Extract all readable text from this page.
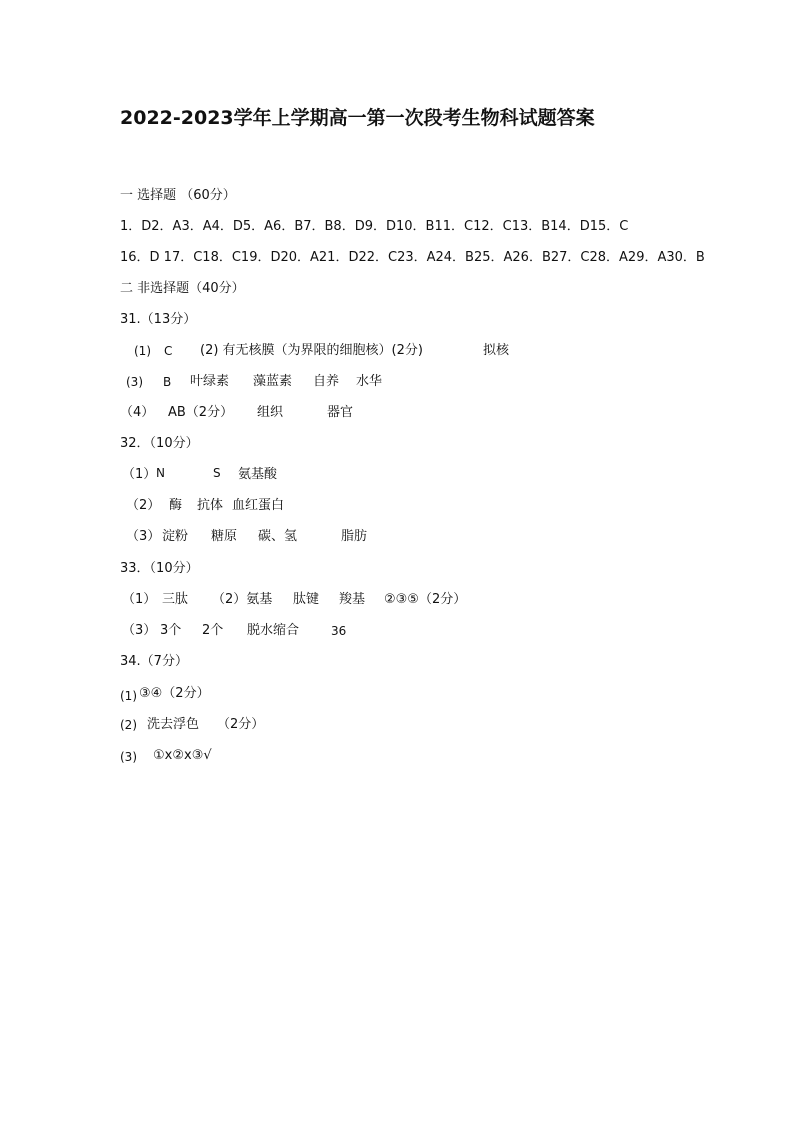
2022-2023学年上学期高一第一次段考生物科试题答案
一 选择题 （60分）
1．D2．A3．A4．D5．A6．B7．B8．D9．D10．B11．C12．C13．B14．D15．C
16．D 17．C18．C19．D20．A21．D22．C23．A24．B25．A26．B27．C28．A29．A30．B
二 非选择题（40分）
31.（13分）
(1) C (2) 有无核膜（为界限的细胞核）(2分)	拟核
(3) B 叶绿素 藻蓝素 自养 水华
（4） AB（2分） 组织	器官
32．（10分）
（1） N	S 氨基酸
（2） 酶 抗体 血红蛋白
（3） 淀粉 糖原 碳、氢	脂肪
33．（10分）
（1） 三肽 （2）氨基 肽键 羧基 ②③⑤（2分）
（3） 3个 2个 脱水缩合	36
34.（7分）
(1) ③④（2分）
(2) 洗去浮色 （2分）
(3) ①x②x③√
